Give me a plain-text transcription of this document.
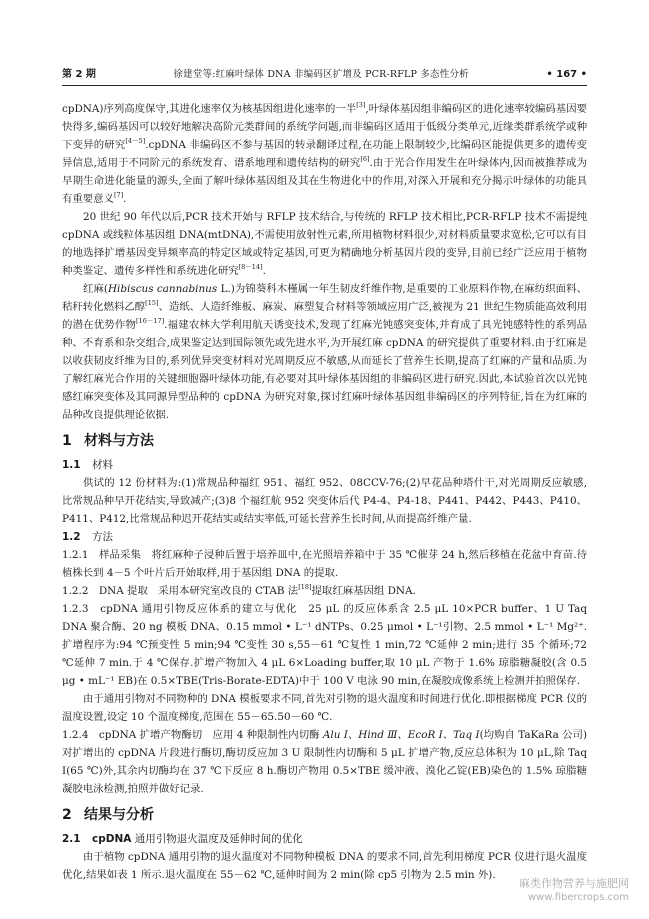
第 2 期	徐建堂等:红麻叶绿体 DNA 非编码区扩增及 PCR-RFLP 多态性分析	• 167 •

cpDNA)序列高度保守,其进化速率仅为核基因组进化速率的一半[3],叶绿体基因组非编码区的进化速率较编码基因要快得多,编码基因可以较好地解决高阶元类群间的系统学问题,而非编码区适用于低级分类单元,近缘类群系统学或种下变异的研究[4－5].cpDNA 非编码区不参与基因的转录翻译过程,在功能上限制较少,比编码区能提供更多的遗传变异信息,适用于不同阶元的系统发育、谱系地理和遗传结构的研究[6].由于光合作用发生在叶绿体内,因而被推荐成为早期生命进化能量的源头,全面了解叶绿体基因组及其在生物进化中的作用,对深入开展和充分揭示叶绿体的功能具有重要意义[7].

20 世纪 90 年代以后,PCR 技术开始与 RFLP 技术结合,与传统的 RFLP 技术相比,PCR-RFLP 技术不需提纯 cpDNA 或线粒体基因组 DNA(mtDNA),不需使用放射性元素,所用植物材料很少,对材料质量要求宽松,它可以有目的地选择扩增基因变异频率高的特定区域或特定基因,可更为精确地分析基因片段的变异,目前已经广泛应用于植物种类鉴定、遗传多样性和系统进化研究[8－14].

红麻(Hibiscus cannabinus L.)为锦葵科木槿属一年生韧皮纤维作物,是重要的工业原料作物,在麻纺织面料、秸秆转化燃料乙醇[15]、造纸、人造纤维板、麻炭、麻塑复合材料等领域应用广泛,被视为 21 世纪生物质能高效利用的潜在优势作物[16－17].福建农林大学利用航天诱变技术,发现了红麻光钝感突变体,并育成了具光钝感特性的系列品种、不育系和杂交组合,成果鉴定达到国际领先或先进水平,为开展红麻 cpDNA 的研究提供了重要材料.由于红麻是以收获韧皮纤维为目的,系列优异突变材料对光周期反应不敏感,从而延长了营养生长期,提高了红麻的产量和品质.为了解红麻光合作用的关键细胞器叶绿体功能,有必要对其叶绿体基因组的非编码区进行研究.因此,本试验首次以光钝感红麻突变体及其同源异型品种的 cpDNA 为研究对象,探讨红麻叶绿体基因组非编码区的序列特征,旨在为红麻的品种改良提供理论依据.

1 材料与方法
1.1 材料

供试的 12 份材料为:(1)常规品种福红 951、福红 952、08CCV-76;(2)早花品种塔什干,对光周期反应敏感,比常规品种早开花结实,导致减产;(3)8 个福红航 952 突变体后代 P4-4、P4-18、P441、P442、P443、P410、P411、P412,比常规品种迟开花结实或结实率低,可延长营养生长时间,从而提高纤维产量.

1.2 方法

1.2.1　样品采集　 将红麻种子浸种后置于培养皿中,在光照培养箱中于 35 ℃催芽 24 h,然后移植在花盆中育苗.待植株长到 4－5 个叶片后开始取样,用于基因组 DNA 的提取.

1.2.2　DNA 提取　 采用本研究室改良的 CTAB 法[18]提取红麻基因组 DNA.

1.2.3　cpDNA 通用引物反应体系的建立与优化　 25 μL 的反应体系含 2.5 μL 10×PCR buffer、1 U Taq DNA 聚合酶、20 ng 模板 DNA、0.15 mmol • L⁻¹ dNTPs、0.25 μmol • L⁻¹引物、2.5 mmol • L⁻¹ Mg²⁺.扩增程序为:94 ℃预变性 5 min;94 ℃变性 30 s,55－61 ℃复性 1 min,72 ℃延伸 2 min;进行 35 个循环;72 ℃延伸 7 min.于 4 ℃保存.扩增产物加入 4 μL 6×Loading buffer,取 10 μL 产物于 1.6% 琼脂糖凝胶(含 0.5 μg • mL⁻¹ EB)在 0.5×TBE(Tris-Borate-EDTA)中于 100 V 电泳 90 min,在凝胶成像系统上检测并拍照保存.

由于通用引物对不同物种的 DNA 模板要求不同,首先对引物的退火温度和时间进行优化.即根据梯度 PCR 仪的温度设置,设定 10 个温度梯度,范围在 55－65.50－60 ℃.

1.2.4　cpDNA 扩增产物酶切　 应用 4 种限制性内切酶 Alu Ⅰ、Hind Ⅲ、EcoR Ⅰ、Taq Ⅰ(均购自 TaKaRa 公司)对扩增出的 cpDNA 片段进行酶切,酶切反应加 3 U 限制性内切酶和 5 μL 扩增产物,反应总体积为 10 μL,除 Taq Ⅰ(65 ℃)外,其余内切酶均在 37 ℃下反应 8 h.酶切产物用 0.5×TBE 缓冲液、溴化乙锭(EB)染色的 1.5% 琼脂糖凝胶电泳检测,拍照并做好记录.

2 结果与分析
2.1 cpDNA 通用引物退火温度及延伸时间的优化

由于植物 cpDNA 通用引物的退火温度对不同物种模板 DNA 的要求不同,首先利用梯度 PCR 仪进行退火温度优化,结果如表 1 所示.退火温度在 55－62 ℃,延伸时间为 2 min(除 cp5 引物为 2.5 min 外).

麻类作物营养与施肥网
www.fibercrops.com
